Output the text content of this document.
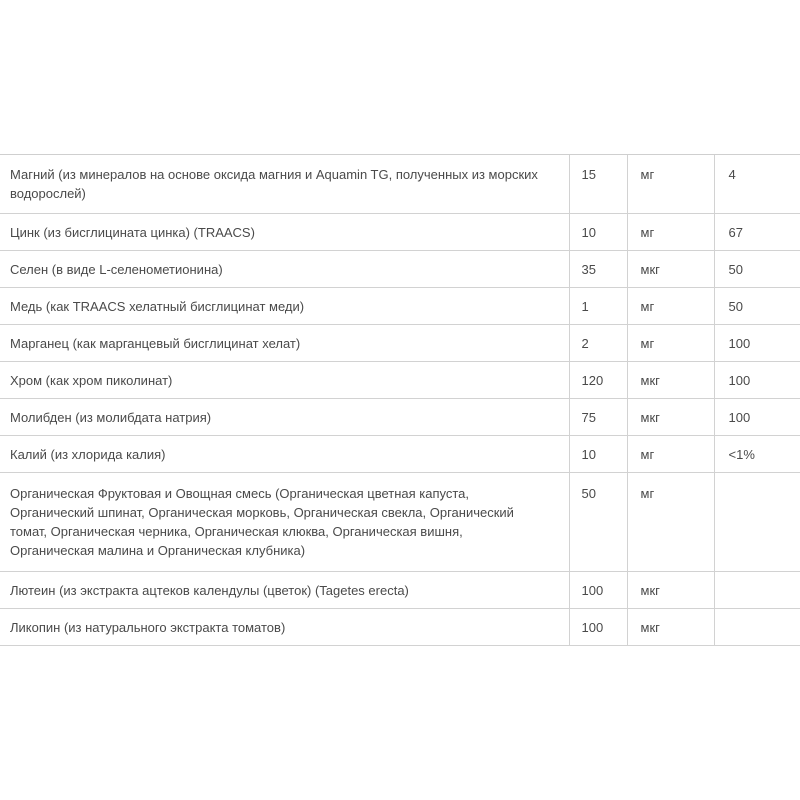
Магний (из минералов на основе оксида магния и Aquamin TG, полученных из морских водорослей)	15	мг	4
Цинк (из бисглицината цинка) (TRAACS)	10	мг	67
Селен (в виде L-селенометионина)	35	мкг	50
Медь (как TRAACS хелатный бисглицинат меди)	1	мг	50
Марганец (как марганцевый бисглицинат хелат)	2	мг	100
Хром (как хром пиколинат)	120	мкг	100
Молибден (из молибдата натрия)	75	мкг	100
Калий (из хлорида калия)	10	мг	<1%
Органическая Фруктовая и Овощная смесь (Органическая цветная капуста, Органический шпинат, Органическая морковь, Органическая свекла, Органический томат, Органическая черника, Органическая клюква, Органическая вишня, Органическая малина и Органическая клубника)	50	мг	
Лютеин (из экстракта ацтеков календулы (цветок) (Tagetes erecta)	100	мкг	
Ликопин (из натурального экстракта томатов)	100	мкг	
